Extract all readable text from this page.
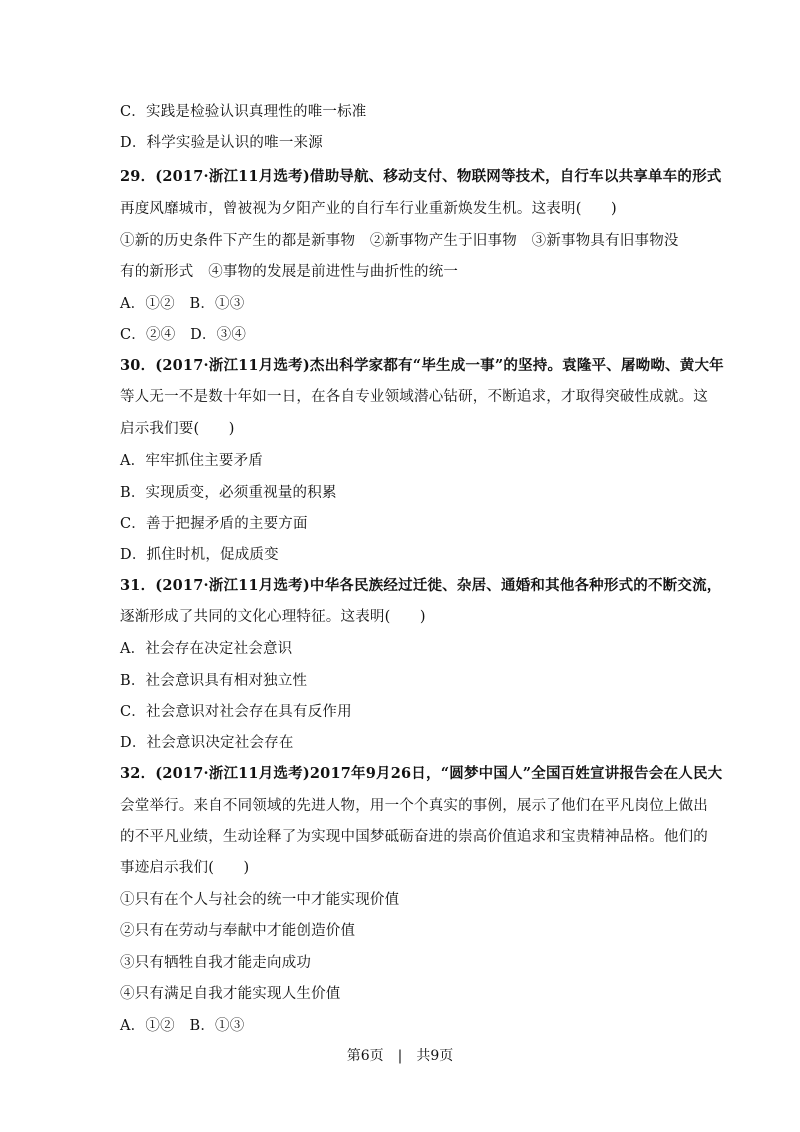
C．实践是检验认识真理性的唯一标准
D．科学实验是认识的唯一来源
29．(2017·浙江11月选考)借助导航、移动支付、物联网等技术，自行车以共享单车的形式
再度风靡城市，曾被视为夕阳产业的自行车行业重新焕发生机。这表明(　　)
①新的历史条件下产生的都是新事物　②新事物产生于旧事物　③新事物具有旧事物没
有的新形式　④事物的发展是前进性与曲折性的统一
A．①②　B．①③
C．②④　D．③④
30．(2017·浙江11月选考)杰出科学家都有“毕生成一事”的坚持。袁隆平、屠呦呦、黄大年
等人无一不是数十年如一日，在各自专业领域潜心钻研，不断追求，才取得突破性成就。这
启示我们要(　　)
A．牢牢抓住主要矛盾
B．实现质变，必须重视量的积累
C．善于把握矛盾的主要方面
D．抓住时机，促成质变
31．(2017·浙江11月选考)中华各民族经过迁徙、杂居、通婚和其他各种形式的不断交流，
逐渐形成了共同的文化心理特征。这表明(　　)
A．社会存在决定社会意识
B．社会意识具有相对独立性
C．社会意识对社会存在具有反作用
D．社会意识决定社会存在
32．(2017·浙江11月选考)2017年9月26日，“圆梦中国人”全国百姓宣讲报告会在人民大
会堂举行。来自不同领域的先进人物，用一个个真实的事例，展示了他们在平凡岗位上做出
的不平凡业绩，生动诠释了为实现中国梦砥砺奋进的崇高价值追求和宝贵精神品格。他们的
事迹启示我们(　　)
①只有在个人与社会的统一中才能实现价值
②只有在劳动与奉献中才能创造价值
③只有牺牲自我才能走向成功
④只有满足自我才能实现人生价值
A．①②　B．①③
第6页　|　共9页
